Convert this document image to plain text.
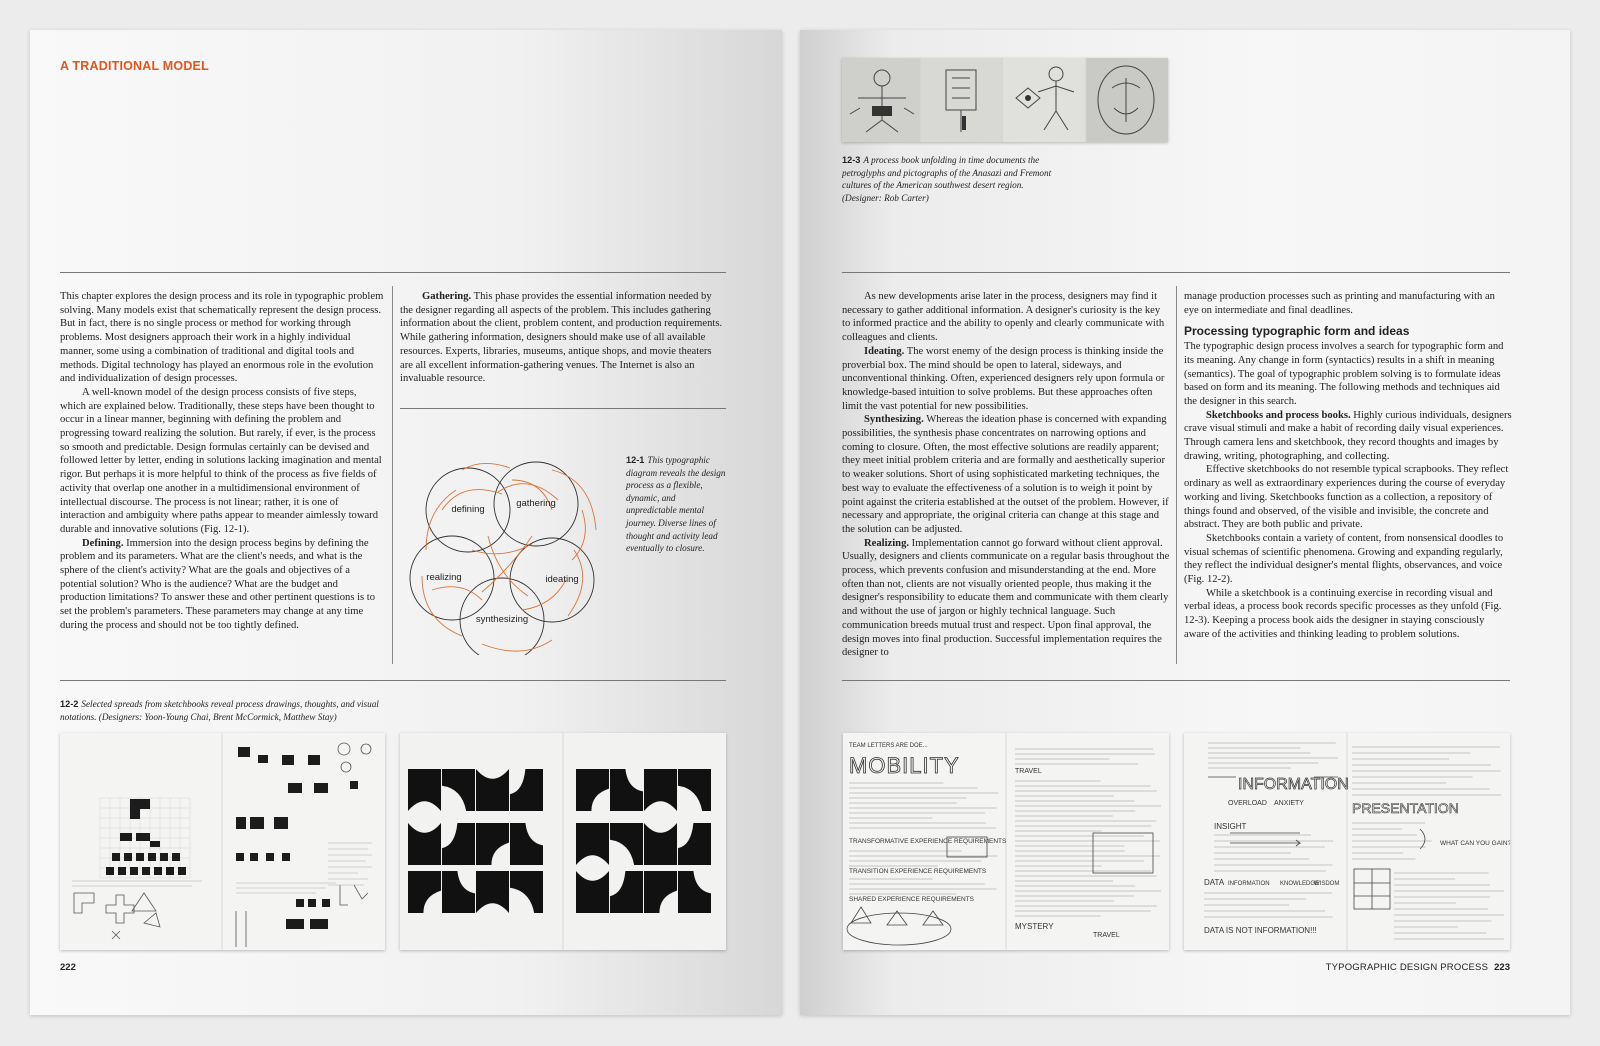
A TRADITIONAL MODEL

This chapter explores the design process and its role in typographic problem solving. Many models exist that schematically represent the design process. But in fact, there is no single process or method for working through problems. Most designers approach their work in a highly individual manner, some using a combination of traditional and digital tools and methods. Digital technology has played an enormous role in the evolution and individualization of design processes.

A well-known model of the design process consists of five steps, which are explained below. Traditionally, these steps have been thought to occur in a linear manner, beginning with defining the problem and progressing toward realizing the solution. But rarely, if ever, is the process so smooth and predictable. Design formulas certainly can be devised and followed letter by letter, ending in solutions lacking imagination and mental rigor. But perhaps it is more helpful to think of the process as five fields of activity that overlap one another in a multidimensional environment of intellectual discourse. The process is not linear; rather, it is one of interaction and ambiguity where paths appear to meander aimlessly toward durable and innovative solutions (Fig. 12-1).

Defining. Immersion into the design process begins by defining the problem and its parameters. What are the client's needs, and what is the sphere of the client's activity? What are the goals and objectives of a potential solution? Who is the audience? What are the budget and production limitations? To answer these and other pertinent questions is to set the problem's parameters. These parameters may change at any time during the process and should not be too tightly defined.

Gathering. This phase provides the essential information needed by the designer regarding all aspects of the problem. This includes gathering information about the client, problem content, and production requirements. While gathering information, designers should make use of all available resources. Experts, libraries, museums, antique shops, and movie theaters are all excellent information-gathering venues. The Internet is also an invaluable resource.

defining
gathering
realizing	ideating
synthesizing
12-1 This typographic diagram reveals the design process as a flexible, dynamic, and unpredictable mental journey. Diverse lines of thought and activity lead eventually to closure.
12-2 Selected spreads from sketchbooks reveal process drawings, thoughts, and visual notations. (Designers: Yoon-Young Chai, Brent McCormick, Matthew Stay)
222
12-3 A process book unfolding in time documents the petroglyphs and pictographs of the Anasazi and Fremont cultures of the American southwest desert region. (Designer: Rob Carter)

As new developments arise later in the process, designers may find it necessary to gather additional information. A designer's curiosity is the key to informed practice and the ability to openly and clearly communicate with colleagues and clients.

Ideating. The worst enemy of the design process is thinking inside the proverbial box. The mind should be open to lateral, sideways, and unconventional thinking. Often, experienced designers rely upon formula or knowledge-based intuition to solve problems. But these approaches often limit the vast potential for new possibilities.

Synthesizing. Whereas the ideation phase is concerned with expanding possibilities, the synthesis phase concentrates on narrowing options and coming to closure. Often, the most effective solutions are readily apparent; they meet initial problem criteria and are formally and aesthetically superior to weaker solutions. Short of using sophisticated marketing techniques, the best way to evaluate the effectiveness of a solution is to weigh it point by point against the criteria established at the outset of the problem. However, if necessary and appropriate, the original criteria can change at this stage and the solution can be adjusted.

Realizing. Implementation cannot go forward without client approval. Usually, designers and clients communicate on a regular basis throughout the process, which prevents confusion and misunderstanding at the end. More often than not, clients are not visually oriented people, thus making it the designer's responsibility to educate them and communicate with them clearly and without the use of jargon or highly technical language. Such communication breeds mutual trust and respect. Upon final approval, the design moves into final production. Successful implementation requires the designer to

manage production processes such as printing and manufacturing with an eye on intermediate and final deadlines.

Processing typographic form and ideas

The typographic design process involves a search for typographic form and its meaning. Any change in form (syntactics) results in a shift in meaning (semantics). The goal of typographic problem solving is to formulate ideas based on form and its meaning. The following methods and techniques aid the designer in this search.

Sketchbooks and process books. Highly curious individuals, designers crave visual stimuli and make a habit of recording daily visual experiences. Through camera lens and sketchbook, they record thoughts and images by drawing, writing, photographing, and collecting.

Effective sketchbooks do not resemble typical scrapbooks. They reflect ordinary as well as extraordinary experiences during the course of everyday working and living. Sketchbooks function as a collection, a repository of things found and observed, of the visible and invisible, the concrete and abstract. They are both public and private.

Sketchbooks contain a variety of content, from nonsensical doodles to visual schemas of scientific phenomena. Growing and expanding regularly, they reflect the individual designer's mental flights, observances, and voice (Fig. 12-2).

While a sketchbook is a continuing exercise in recording visual and verbal ideas, a process book records specific processes as they unfold (Fig. 12-3). Keeping a process book aids the designer in staying consciously aware of the activities and thinking leading to problem solutions.

TEAM LETTERS ARE DOE...
MOBILITY
TRANSFORMATIVE EXPERIENCE REQUIREMENTS
TRANSITION EXPERIENCE REQUIREMENTS
SHARED EXPERIENCE REQUIREMENTS
TRAVEL
MYSTERY
TRAVEL
INFORMATION
OVERLOAD ANXIETY	PRESENTATION
INSIGHT
DATA INFORMATION KNOWLEDGE
WISDOM
DATA IS NOT INFORMATION!!!
WHAT CAN YOU GAIN?
TYPOGRAPHIC DESIGN PROCESS 223
